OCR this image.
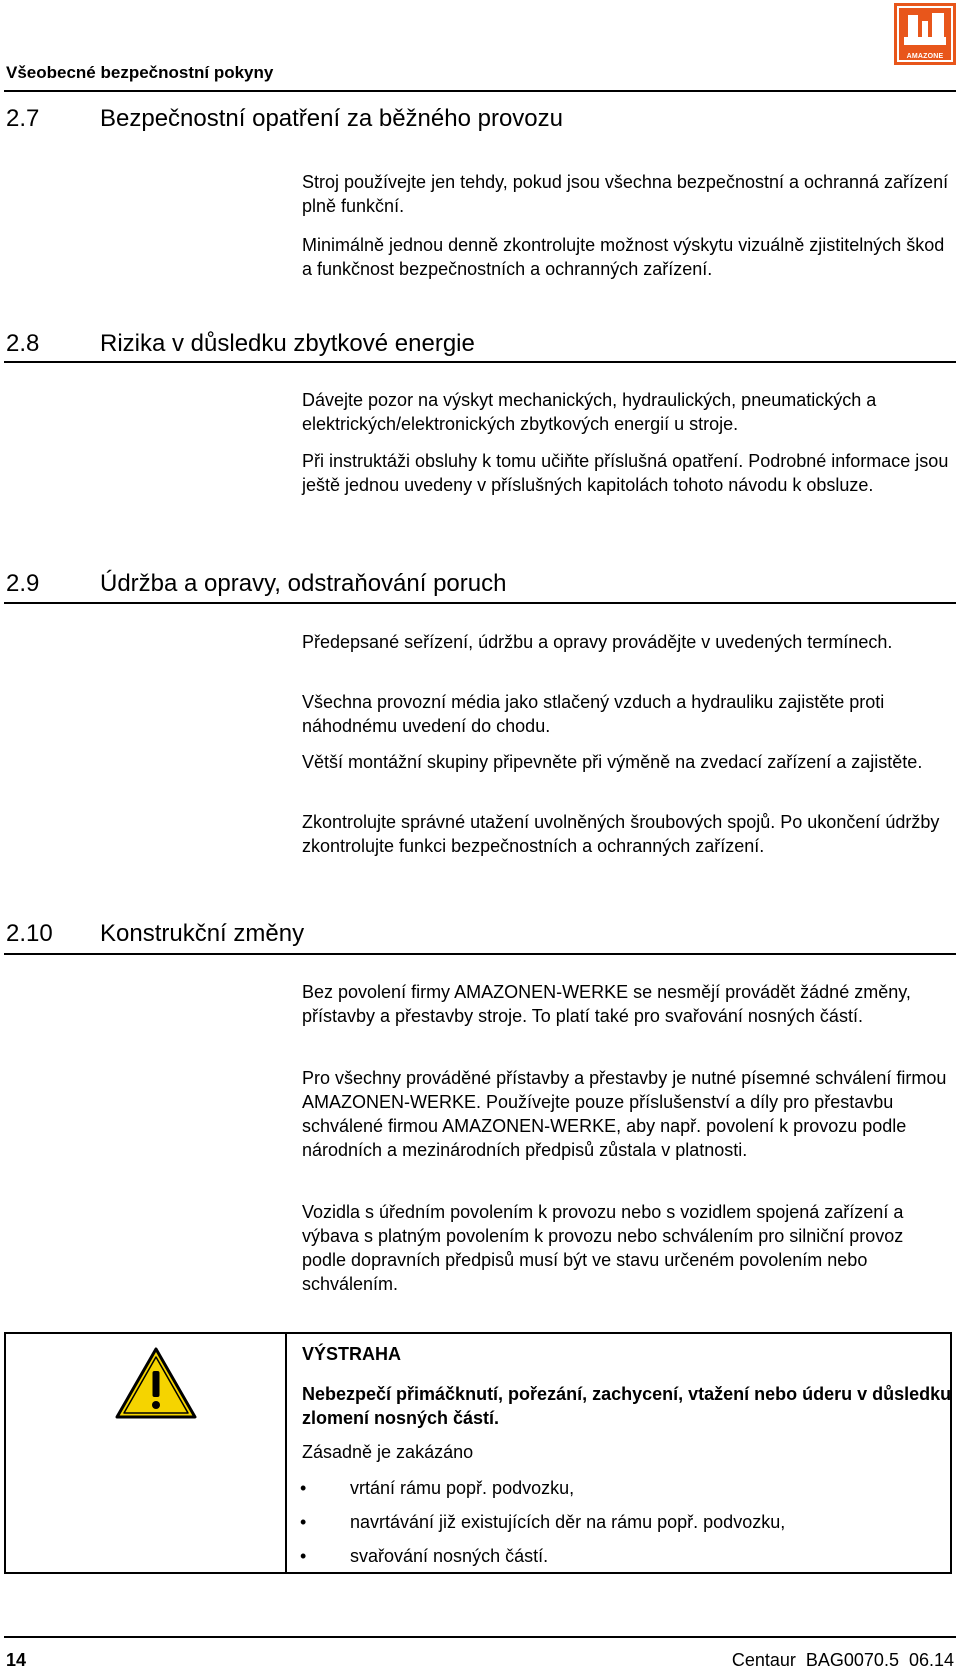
Všeobecné bezpečnostní pokyny
AMAZONE
2.7	Bezpečnostní opatření za běžného provozu
Stroj používejte jen tehdy, pokud jsou všechna bezpečnostní a ochranná zařízení plně funkční.
Minimálně jednou denně zkontrolujte možnost výskytu vizuálně zjistitelných škod a funkčnost bezpečnostních a ochranných zařízení.
2.8	Rizika v důsledku zbytkové energie
Dávejte pozor na výskyt mechanických, hydraulických, pneumatických a elektrických/elektronických zbytkových energií u stroje.
Při instruktáži obsluhy k tomu učiňte příslušná opatření. Podrobné informace jsou ještě jednou uvedeny v příslušných kapitolách tohoto návodu k obsluze.
2.9	Údržba a opravy, odstraňování poruch
Předepsané seřízení, údržbu a opravy provádějte v uvedených termínech.
Všechna provozní média jako stlačený vzduch a hydrauliku zajistěte proti náhodnému uvedení do chodu.
Větší montážní skupiny připevněte při výměně na zvedací zařízení a zajistěte.
Zkontrolujte správné utažení uvolněných šroubových spojů. Po ukončení údržby zkontrolujte funkci bezpečnostních a ochranných zařízení.
2.10 Konstrukční změny
Bez povolení firmy AMAZONEN-WERKE se nesmějí provádět žádné změny, přístavby a přestavby stroje. To platí také pro svařování nosných částí.
Pro všechny prováděné přístavby a přestavby je nutné písemné schválení firmou AMAZONEN-WERKE. Používejte pouze příslušenství a díly pro přestavbu schválené firmou AMAZONEN-WERKE, aby např. povolení k provozu podle národních a mezinárodních předpisů zůstala v platnosti.
Vozidla s úředním povolením k provozu nebo s vozidlem spojená zařízení a výbava s platným povolením k provozu nebo schválením pro silniční provoz podle dopravních předpisů musí být ve stavu určeném povolením nebo schválením.
VÝSTRAHA
Nebezpečí přimáčknutí, pořezání, zachycení, vtažení nebo úderu v důsledku zlomení nosných částí.
Zásadně je zakázáno
• vrtání rámu popř. podvozku,
• navrtávání již existujících děr na rámu popř. podvozku,
• svařování nosných částí.
14	Centaur  BAG0070.5  06.14
